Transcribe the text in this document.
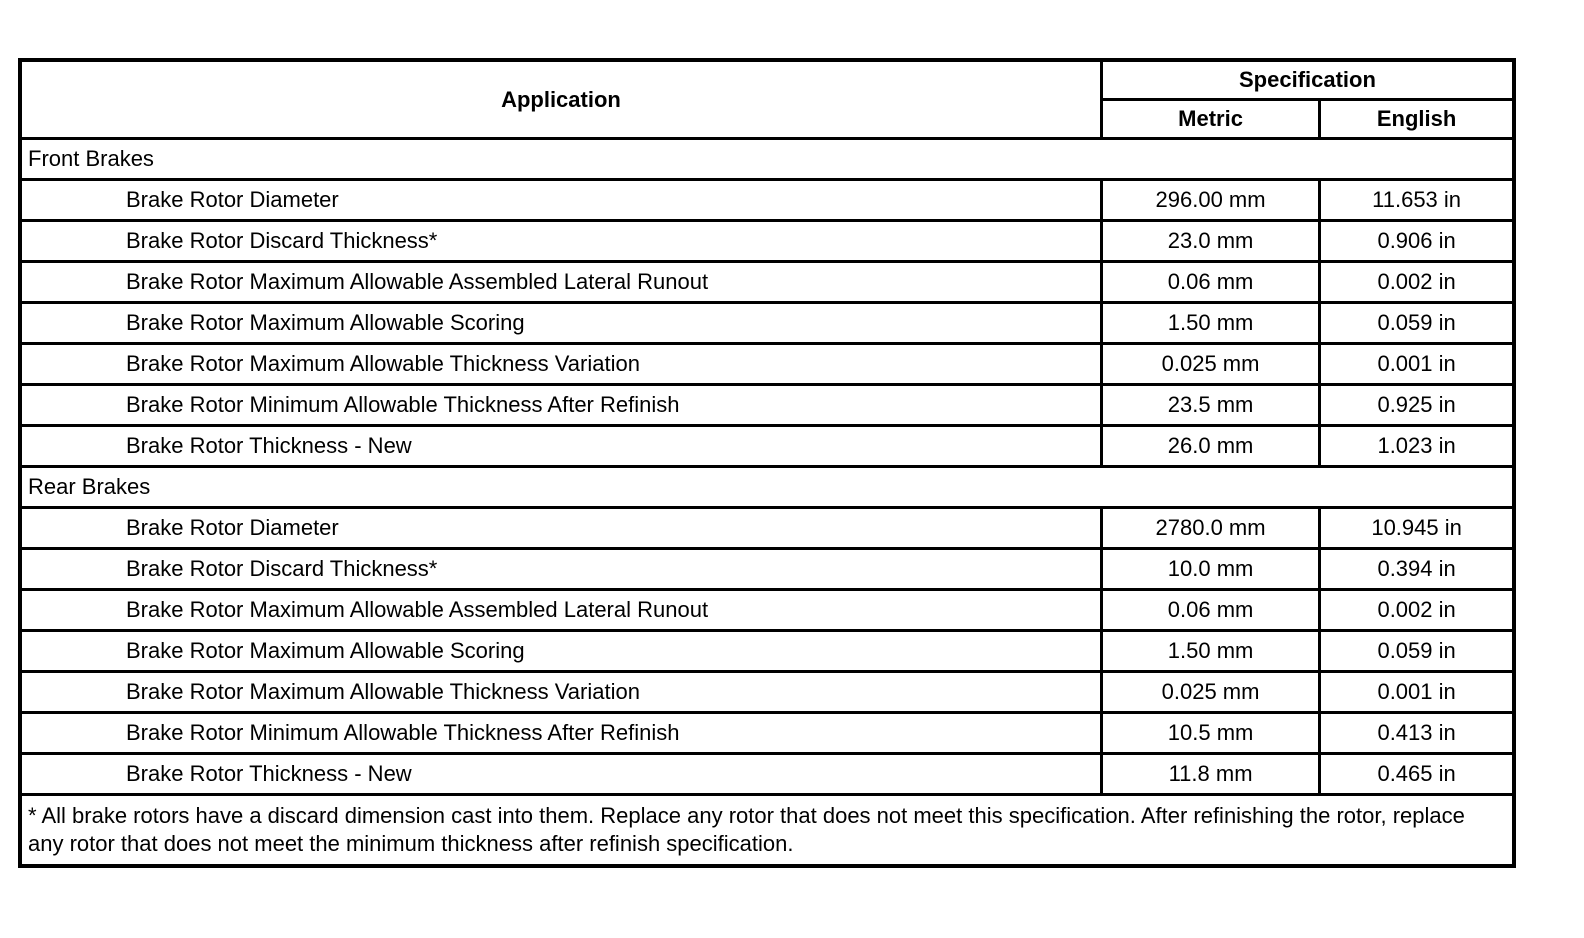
Application	Specification	
	Metric	English
Front Brakes		
Brake Rotor Diameter	296.00 mm	11.653 in
Brake Rotor Discard Thickness*	23.0 mm	0.906 in
Brake Rotor Maximum Allowable Assembled Lateral Runout	0.06 mm	0.002 in
Brake Rotor Maximum Allowable Scoring	1.50 mm	0.059 in
Brake Rotor Maximum Allowable Thickness Variation	0.025 mm	0.001 in
Brake Rotor Minimum Allowable Thickness After Refinish	23.5 mm	0.925 in
Brake Rotor Thickness - New	26.0 mm	1.023 in
Rear Brakes		
Brake Rotor Diameter	2780.0 mm	10.945 in
Brake Rotor Discard Thickness*	10.0 mm	0.394 in
Brake Rotor Maximum Allowable Assembled Lateral Runout	0.06 mm	0.002 in
Brake Rotor Maximum Allowable Scoring	1.50 mm	0.059 in
Brake Rotor Maximum Allowable Thickness Variation	0.025 mm	0.001 in
Brake Rotor Minimum Allowable Thickness After Refinish	10.5 mm	0.413 in
Brake Rotor Thickness - New	11.8 mm	0.465 in
* All brake rotors have a discard dimension cast into them. Replace any rotor that does not meet this specification. After refinishing the rotor, replace any rotor that does not meet the minimum thickness after refinish specification.		
